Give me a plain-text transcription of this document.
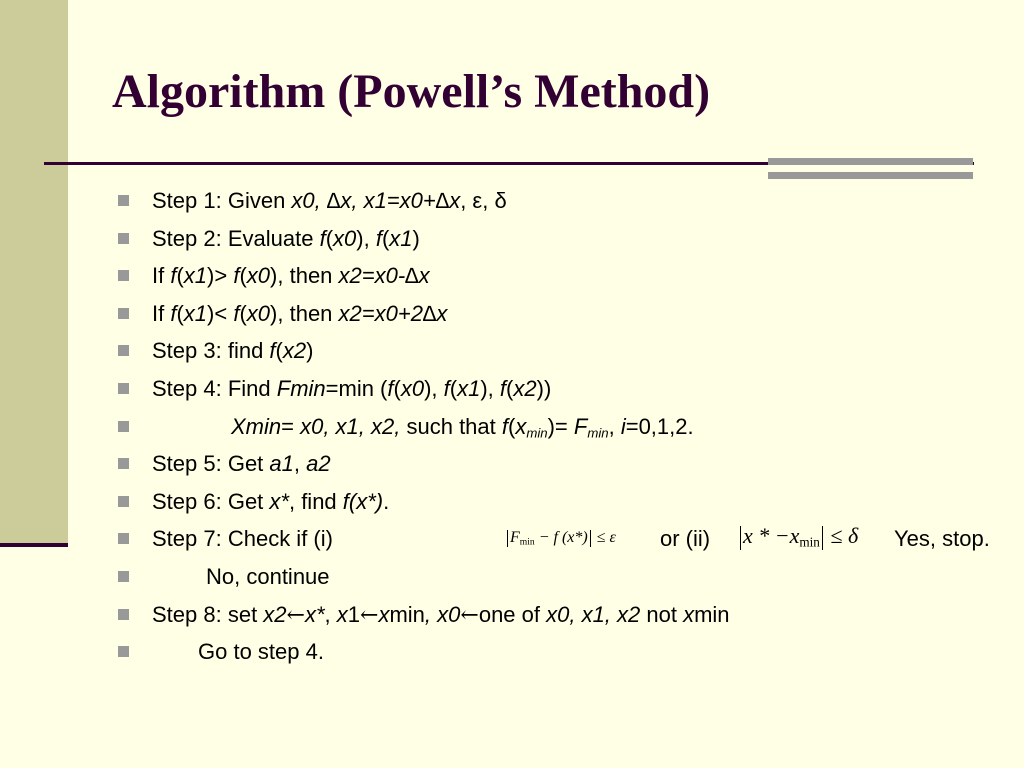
Algorithm (Powell’s Method)
Step 1: Given x0, ∆x, x1=x0+∆x, ε, δ
Step 2: Evaluate f(x0), f(x1)
If f(x1)> f(x0), then x2=x0-∆x
If f(x1)< f(x0), then x2=x0+2∆x
Step 3: find f(x2)
Step 4: Find Fmin=min (f(x0), f(x1), f(x2))
Xmin= x0, x1, x2, such that $f(x_{min})= F_{min}$, i=0,1,2.
Step 5: Get a1, a2
Step 6: Get x*, find f(x*).
Step 7: Check if (i)	$F_{min} - f$ (x*) ≤ ε or (ii) $x * -x_{min} \le \delta$ Yes, stop.
No, continue
Step 8: set x2←x*, x1←xmin, x0←one of x0, x1, x2 not xmin
Go to step 4.
